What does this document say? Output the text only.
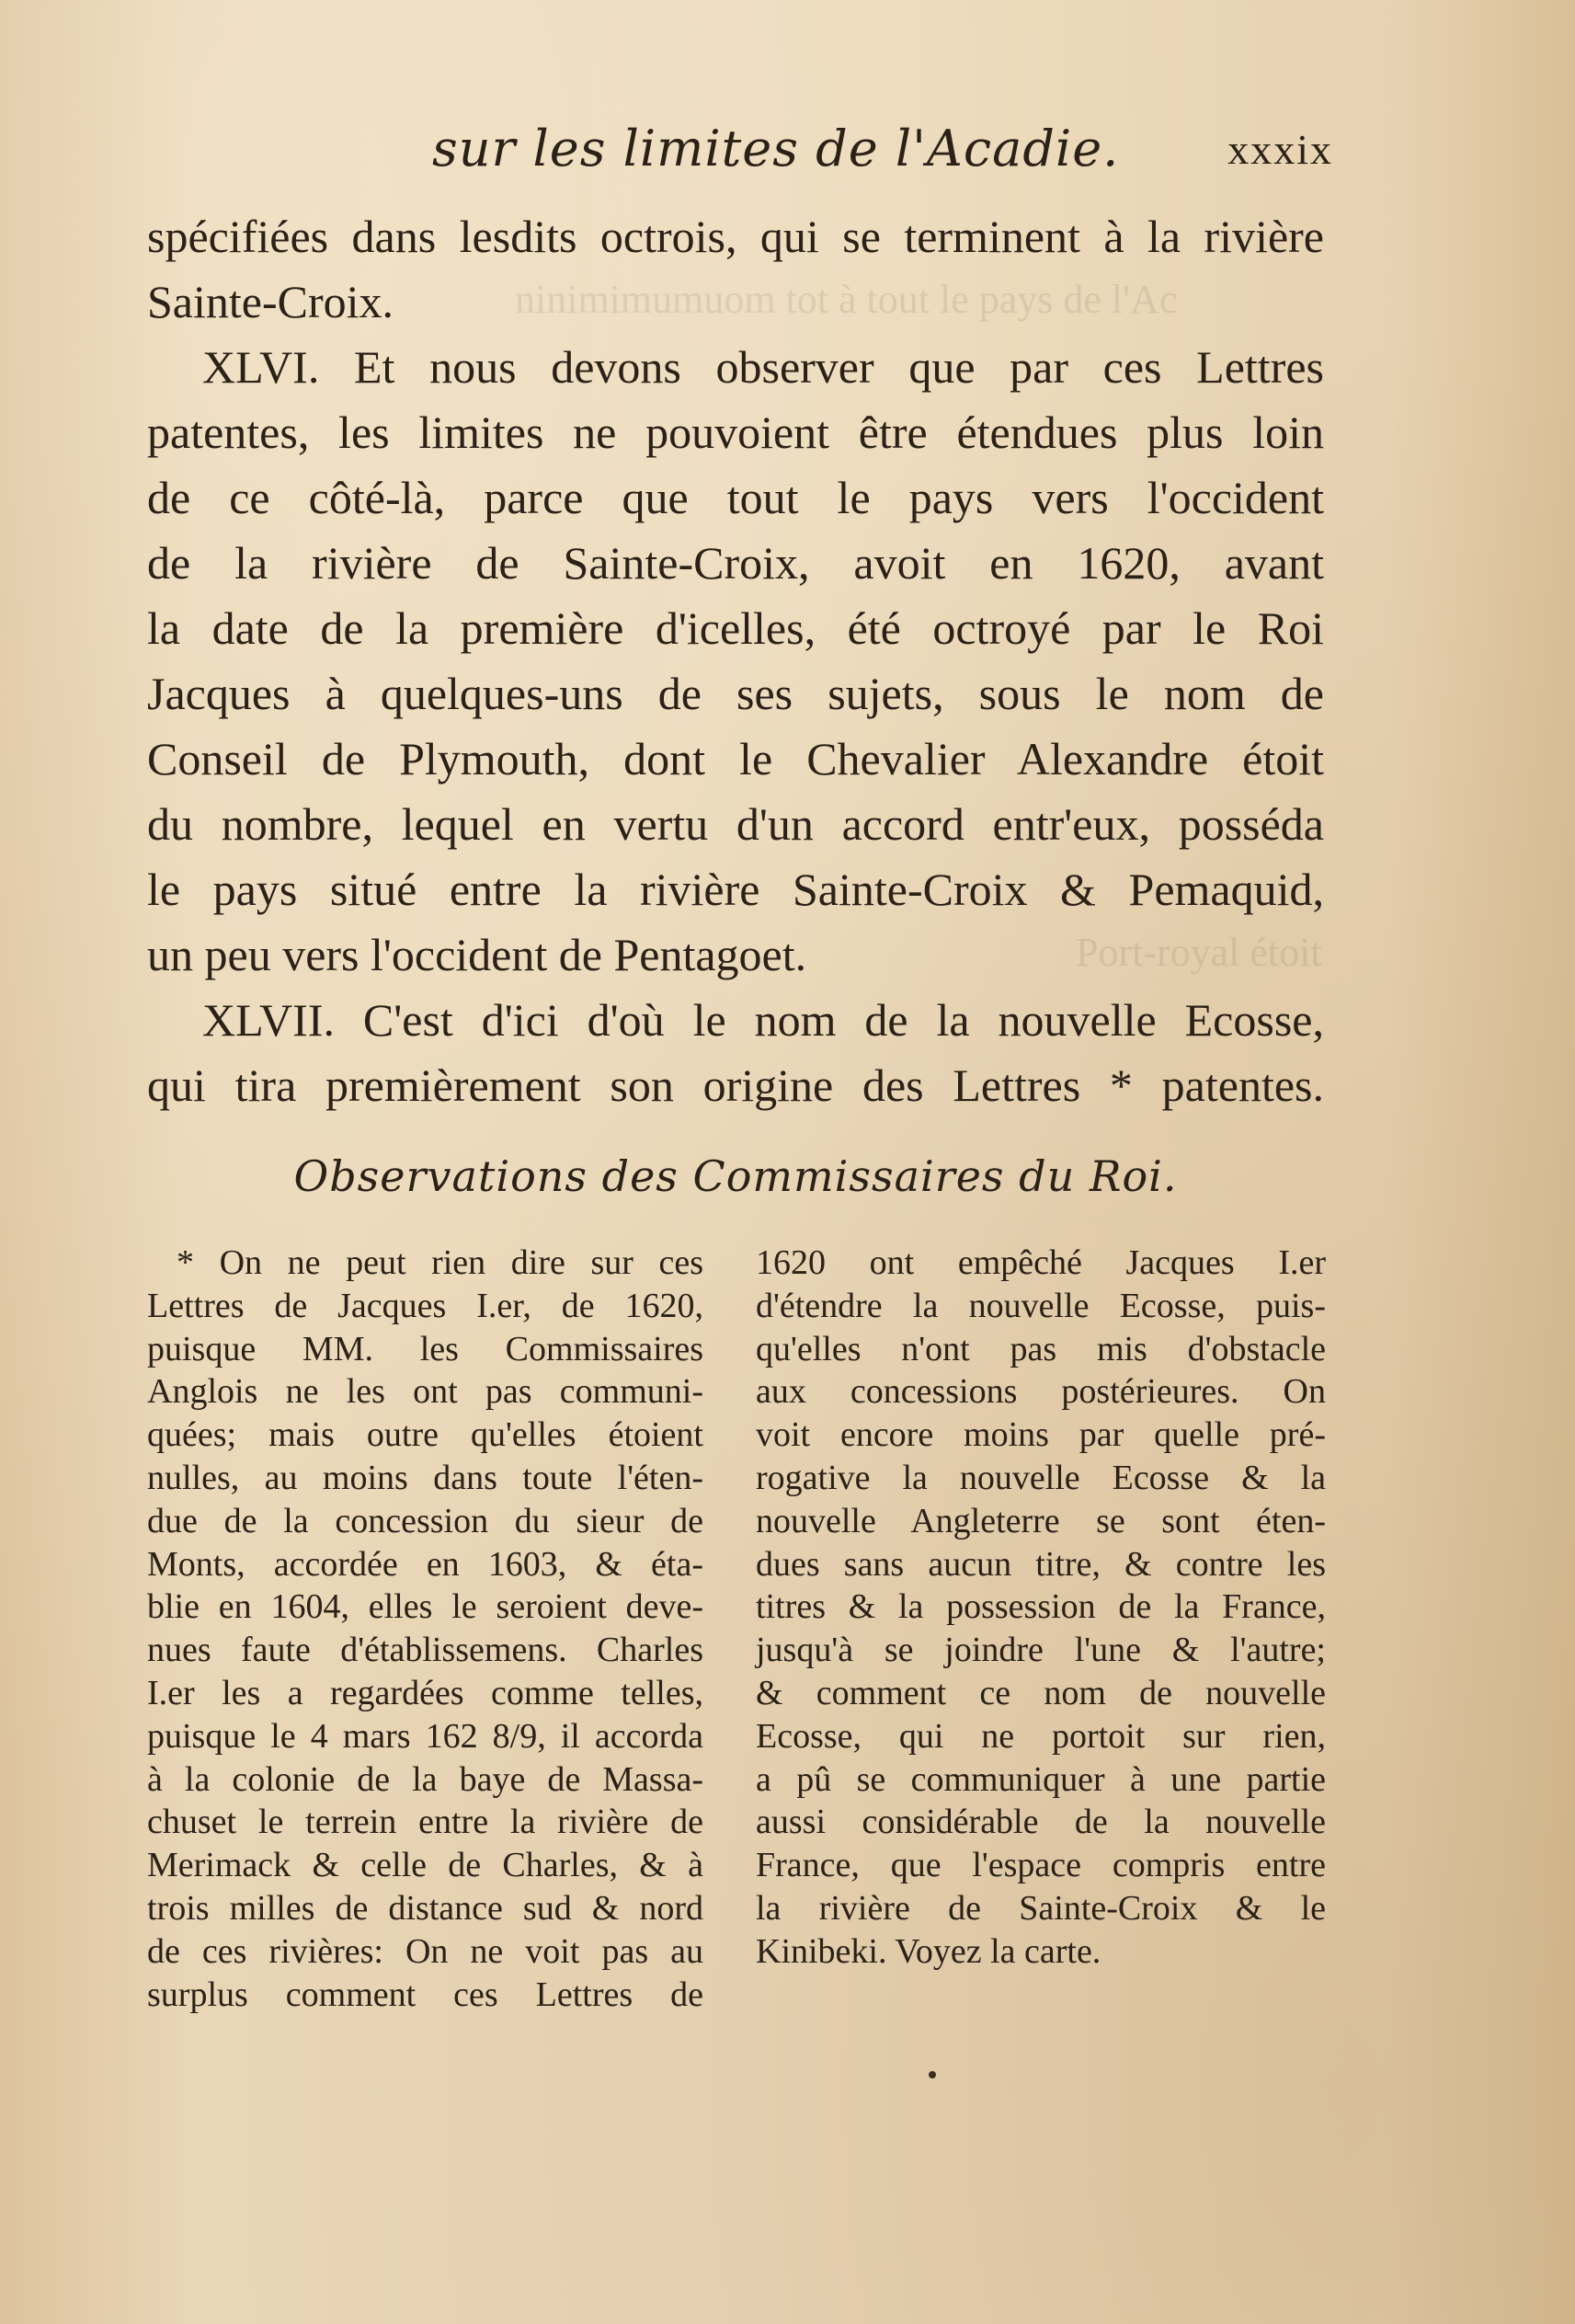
ninimimumuom tot à tout le pays de l'Ac
Port-royal étoit
sur les limites de l'Acadie.	xxxix
spécifiées dans lesdits octrois, qui se terminent à la rivière
Sainte-Croix.
XLVI. Et nous devons observer que par ces Lettres
patentes, les limites ne pouvoient être étendues plus loin
de ce côté-là, parce que tout le pays vers l'occident
de la rivière de Sainte-Croix, avoit en 1620, avant
la date de la première d'icelles, été octroyé par le Roi
Jacques à quelques-uns de ses sujets, sous le nom de
Conseil de Plymouth, dont le Chevalier Alexandre étoit
du nombre, lequel en vertu d'un accord entr'eux, posséda
le pays situé entre la rivière Sainte-Croix & Pemaquid,
un peu vers l'occident de Pentagoet.
XLVII. C'est d'ici d'où le nom de la nouvelle Ecosse,
qui tira premièrement son origine des Lettres * patentes.
Observations des Commissaires du Roi.
* On ne peut rien dire sur ces
Lettres de Jacques I.er, de 1620,
puisque MM. les Commissaires
Anglois ne les ont pas communi-
quées; mais outre qu'elles étoient
nulles, au moins dans toute l'éten-
due de la concession du sieur de
Monts, accordée en 1603, & éta-
blie en 1604, elles le seroient deve-
nues faute d'établissemens. Charles
I.er les a regardées comme telles,
puisque le 4 mars 162 8/9, il accorda
à la colonie de la baye de Massa-
chuset le terrein entre la rivière de
Merimack & celle de Charles, & à
trois milles de distance sud & nord
de ces rivières: On ne voit pas au
surplus comment ces Lettres de
1620 ont empêché Jacques I.er
d'étendre la nouvelle Ecosse, puis-
qu'elles n'ont pas mis d'obstacle
aux concessions postérieures. On
voit encore moins par quelle pré-
rogative la nouvelle Ecosse & la
nouvelle Angleterre se sont éten-
dues sans aucun titre, & contre les
titres & la possession de la France,
jusqu'à se joindre l'une & l'autre;
& comment ce nom de nouvelle
Ecosse, qui ne portoit sur rien,
a pû se communiquer à une partie
aussi considérable de la nouvelle
France, que l'espace compris entre
la rivière de Sainte-Croix & le
Kinibeki. Voyez la carte.
